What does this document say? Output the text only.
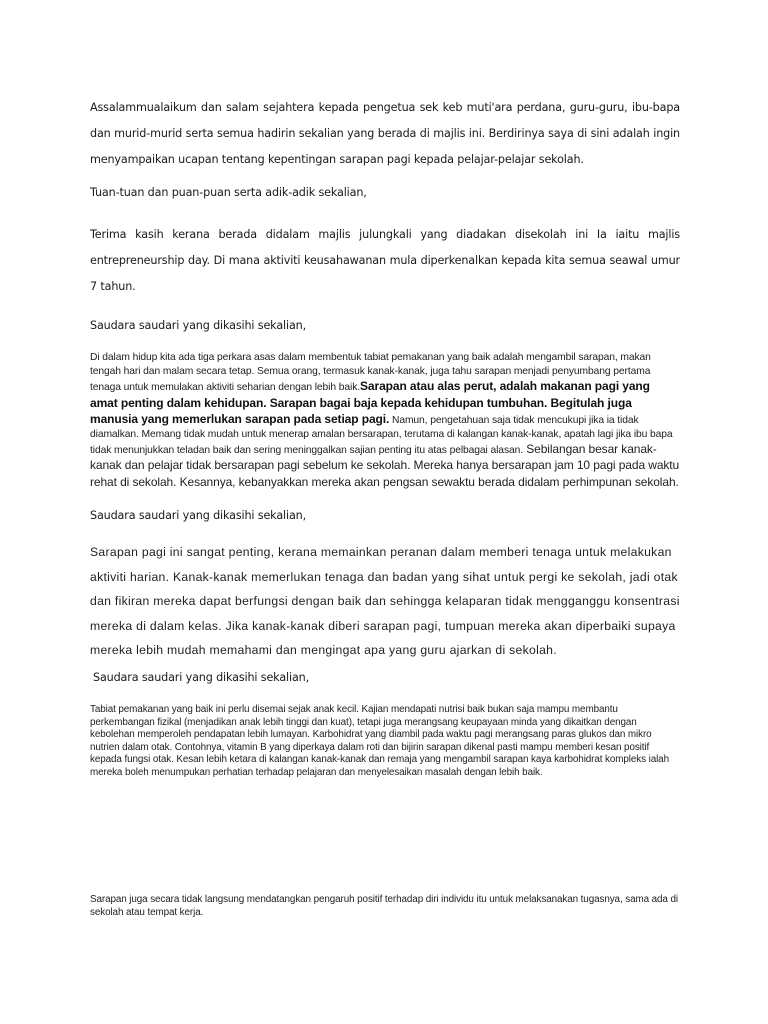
Assalammualaikum dan salam sejahtera kepada pengetua sek keb muti'ara perdana, guru-guru, ibu-bapa dan murid-murid serta semua hadirin sekalian yang berada di majlis ini. Berdirinya saya di sini adalah ingin menyampaikan ucapan tentang kepentingan sarapan pagi kepada pelajar-pelajar sekolah.

Tuan-tuan dan puan-puan serta adik-adik sekalian,

Terima kasih kerana berada didalam majlis julungkali yang diadakan disekolah ini Ia iaitu majlis entrepreneurship day. Di mana aktiviti keusahawanan mula diperkenalkan kepada kita semua seawal umur 7 tahun.

Saudara saudari yang dikasihi sekalian,

Di dalam hidup kita ada tiga perkara asas dalam membentuk tabiat pemakanan yang baik adalah mengambil sarapan, makan tengah hari dan malam secara tetap. Semua orang, termasuk kanak-kanak, juga tahu sarapan menjadi penyumbang pertama tenaga untuk memulakan aktiviti seharian dengan lebih baik.Sarapan atau alas perut, adalah makanan pagi yang amat penting dalam kehidupan. Sarapan bagai baja kepada kehidupan tumbuhan. Begitulah juga manusia yang memerlukan sarapan pada setiap pagi. Namun, pengetahuan saja tidak mencukupi jika ia tidak diamalkan. Memang tidak mudah untuk menerap amalan bersarapan, terutama di kalangan kanak-kanak, apatah lagi jika ibu bapa tidak menunjukkan teladan baik dan sering meninggalkan sajian penting itu atas pelbagai alasan. Sebilangan besar kanak-kanak dan pelajar tidak bersarapan pagi sebelum ke sekolah. Mereka hanya bersarapan jam 10 pagi pada waktu rehat di sekolah. Kesannya, kebanyakkan mereka akan pengsan sewaktu berada didalam perhimpunan sekolah.

Saudara saudari yang dikasihi sekalian,

Sarapan pagi ini sangat penting, kerana memainkan peranan dalam memberi tenaga untuk melakukan aktiviti harian. Kanak-kanak memerlukan tenaga dan badan yang sihat untuk pergi ke sekolah, jadi otak dan fikiran mereka dapat berfungsi dengan baik dan sehingga kelaparan tidak mengganggu konsentrasi mereka di dalam kelas. Jika kanak-kanak diberi sarapan pagi, tumpuan mereka akan diperbaiki supaya mereka lebih mudah memahami dan mengingat apa yang guru ajarkan di sekolah.

Saudara saudari yang dikasihi sekalian,

Tabiat pemakanan yang baik ini perlu disemai sejak anak kecil. Kajian mendapati nutrisi baik bukan saja mampu membantu perkembangan fizikal (menjadikan anak lebih tinggi dan kuat), tetapi juga merangsang keupayaan minda yang dikaitkan dengan kebolehan memperoleh pendapatan lebih lumayan. Karbohidrat yang diambil pada waktu pagi merangsang paras glukos dan mikro nutrien dalam otak. Contohnya, vitamin B yang diperkaya dalam roti dan bijirin sarapan dikenal pasti mampu memberi kesan positif kepada fungsi otak. Kesan lebih ketara di kalangan kanak-kanak dan remaja yang mengambil sarapan kaya karbohidrat kompleks ialah mereka boleh menumpukan perhatian terhadap pelajaran dan menyelesaikan masalah dengan lebih baik.

Sarapan juga secara tidak langsung mendatangkan pengaruh positif terhadap diri individu itu untuk melaksanakan tugasnya, sama ada di sekolah atau tempat kerja.
